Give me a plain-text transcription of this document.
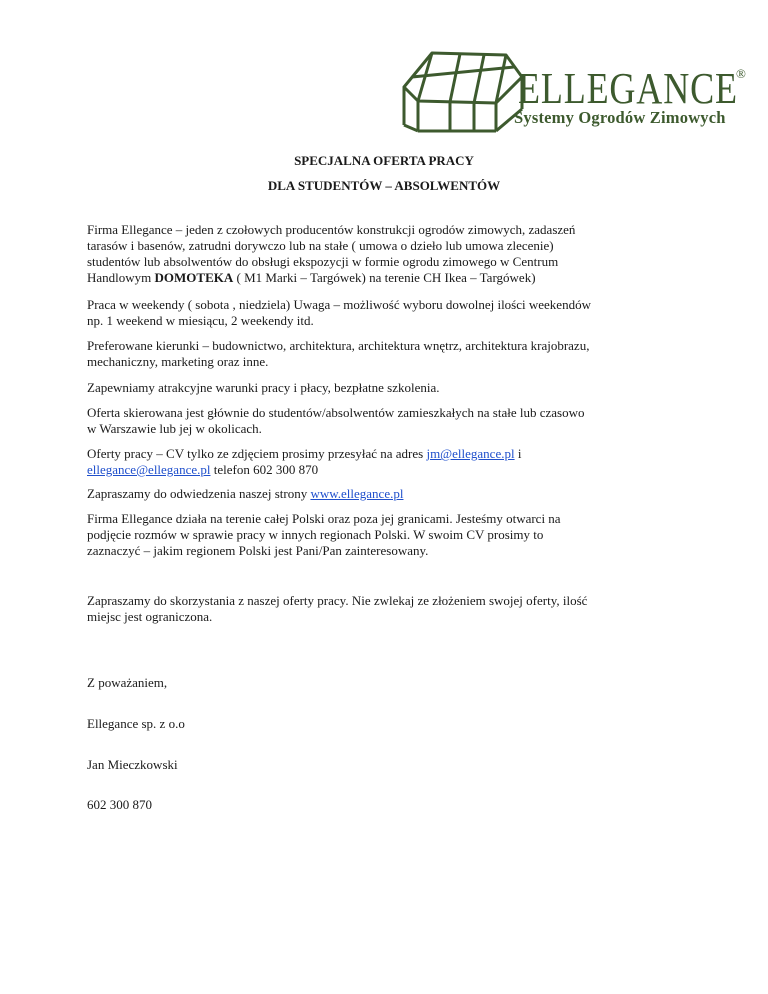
ELLEGANCE
®
Systemy Ogrodów Zimowych
SPECJALNA OFERTA PRACY
DLA STUDENTÓW – ABSOLWENTÓW
Firma Ellegance – jeden z czołowych producentów konstrukcji ogrodów zimowych, zadaszeń
tarasów i basenów, zatrudni dorywczo lub na stałe ( umowa o dzieło lub umowa zlecenie)
studentów lub absolwentów do obsługi ekspozycji w formie ogrodu zimowego w Centrum
Handlowym DOMOTEKA ( M1 Marki – Targówek) na terenie CH Ikea – Targówek)
Praca w weekendy ( sobota , niedziela) Uwaga – możliwość wyboru dowolnej ilości weekendów
np. 1 weekend w miesiącu, 2 weekendy itd.
Preferowane kierunki – budownictwo, architektura, architektura wnętrz, architektura krajobrazu,
mechaniczny, marketing oraz inne.
Zapewniamy atrakcyjne warunki pracy i płacy, bezpłatne szkolenia.
Oferta skierowana jest głównie do studentów/absolwentów zamieszkałych na stałe lub czasowo
w Warszawie lub jej w okolicach.
Oferty pracy – CV tylko ze zdjęciem prosimy przesyłać na adres jm@ellegance.pl i
ellegance@ellegance.pl telefon 602 300 870
Zapraszamy do odwiedzenia naszej strony www.ellegance.pl
Firma Ellegance działa na terenie całej Polski oraz poza jej granicami. Jesteśmy otwarci na
podjęcie rozmów w sprawie pracy w innych regionach Polski. W swoim CV prosimy to
zaznaczyć – jakim regionem Polski jest Pani/Pan zainteresowany.
Zapraszamy do skorzystania z naszej oferty pracy. Nie zwlekaj ze złożeniem swojej oferty, ilość
miejsc jest ograniczona.
Z poważaniem,
Ellegance sp. z o.o
Jan Mieczkowski
602 300 870
